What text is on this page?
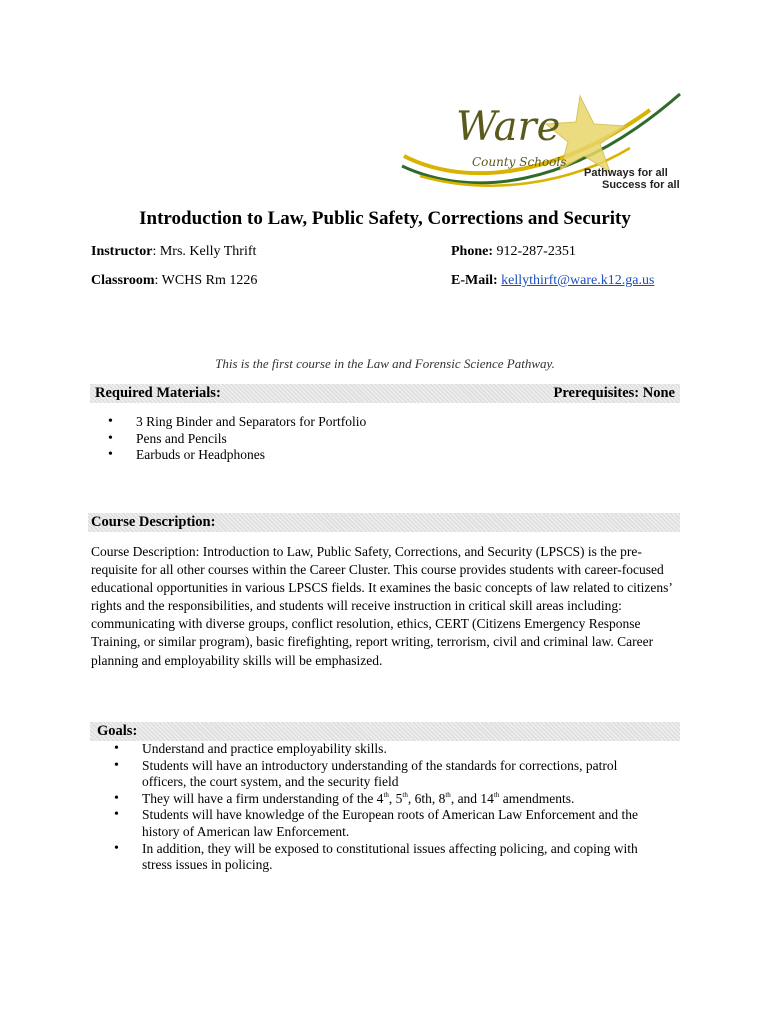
Ware
County Schools
Pathways for all
Success for all
Introduction to Law, Public Safety, Corrections and Security
Instructor: Mrs. Kelly Thrift	Phone: 912-287-2351
Classroom: WCHS Rm 1226	E-Mail: kellythirft@ware.k12.ga.us
This is the first course in the Law and Forensic Science Pathway.
Required Materials:	Prerequisites: None
• 3 Ring Binder and Separators for Portfolio
• Pens and Pencils
• Earbuds or Headphones
Course Description:
Course Description: Introduction to Law, Public Safety, Corrections, and Security (LPSCS) is the pre-requisite for all other courses within the Career Cluster. This course provides students with career-focused educational opportunities in various LPSCS fields. It examines the basic concepts of law related to citizens’ rights and the responsibilities, and students will receive instruction in critical skill areas including: communicating with diverse groups, conflict resolution, ethics, CERT (Citizens Emergency Response Training, or similar program), basic firefighting, report writing, terrorism, civil and criminal law. Career planning and employability skills will be emphasized.
Goals:
• Understand and practice employability skills.
• Students will have an introductory understanding of the standards for corrections, patrol officers, the court system, and the security field
• They will have a firm understanding of the 4th, 5th, 6th, 8th, and 14th amendments.
• Students will have knowledge of the European roots of American Law Enforcement and the history of American law Enforcement.
• In addition, they will be exposed to constitutional issues affecting policing, and coping with stress issues in policing.
